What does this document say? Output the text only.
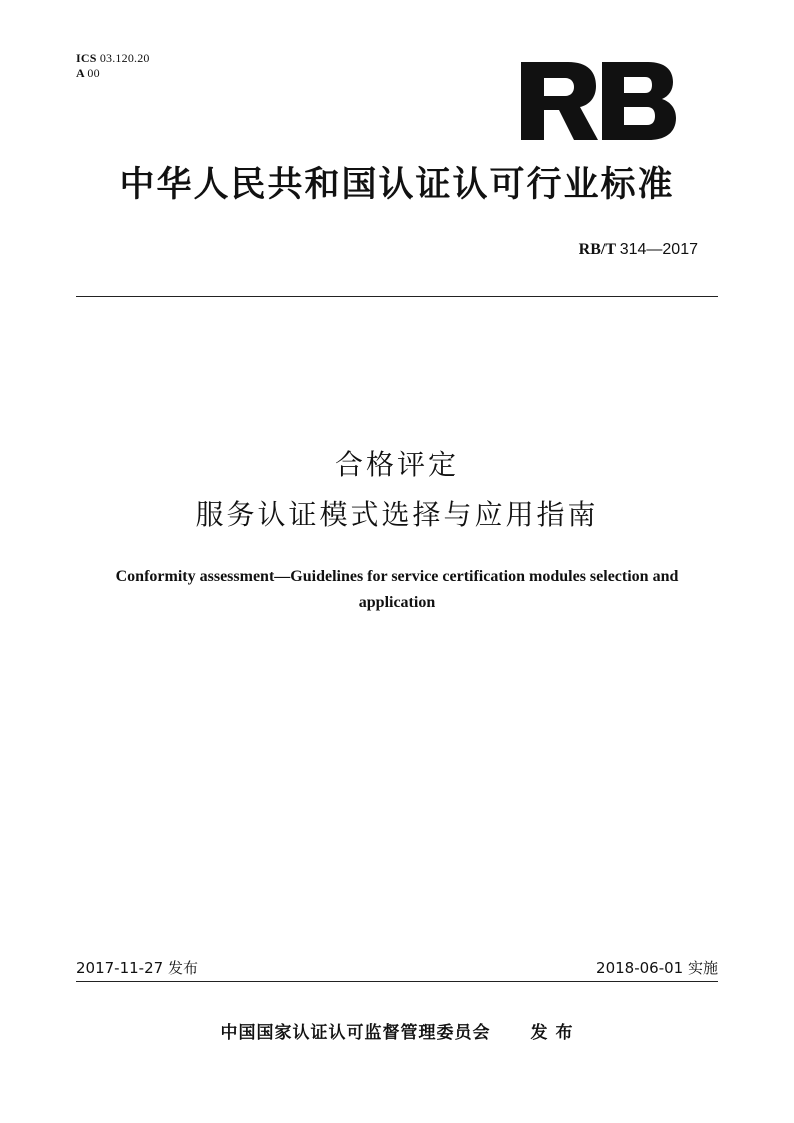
ICS 03.120.20
A 00
中华人民共和国认证认可行业标准
RB/T 314—2017
合格评定
服务认证模式选择与应用指南
Conformity assessment—Guidelines for service certification modules selection and
application
2017-11-27 发布	2018-06-01 实施
中国国家认证认可监督管理委员会 发 布
